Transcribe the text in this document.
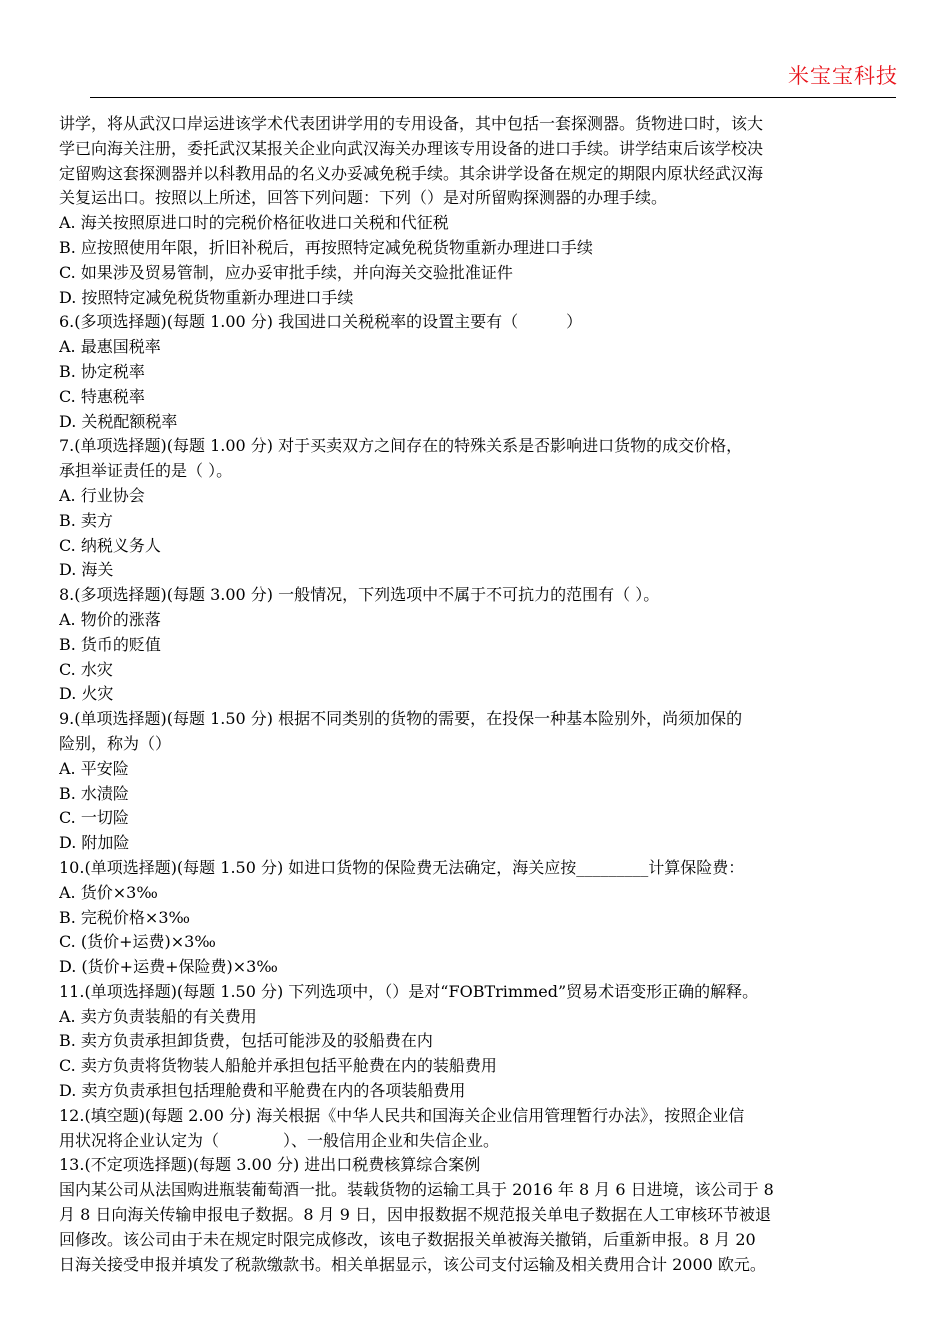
米宝宝科技
讲学，将从武汉口岸运进该学术代表团讲学用的专用设备，其中包括一套探测器。货物进口时，该大
学已向海关注册，委托武汉某报关企业向武汉海关办理该专用设备的进口手续。讲学结束后该学校决
定留购这套探测器并以科教用品的名义办妥减免税手续。其余讲学设备在规定的期限内原状经武汉海
关复运出口。按照以上所述，回答下列问题：下列（）是对所留购探测器的办理手续。
A. 海关按照原进口时的完税价格征收进口关税和代征税
B. 应按照使用年限，折旧补税后，再按照特定减免税货物重新办理进口手续
C. 如果涉及贸易管制，应办妥审批手续，并向海关交验批准证件
D. 按照特定减免税货物重新办理进口手续
6.(多项选择题)(每题 1.00 分) 我国进口关税税率的设置主要有（　　　）
A. 最惠国税率
B. 协定税率
C. 特惠税率
D. 关税配额税率
7.(单项选择题)(每题 1.00 分) 对于买卖双方之间存在的特殊关系是否影响进口货物的成交价格，
承担举证责任的是（ ）。
A. 行业协会
B. 卖方
C. 纳税义务人
D. 海关
8.(多项选择题)(每题 3.00 分) 一般情况，下列选项中不属于不可抗力的范围有（ ）。
A. 物价的涨落
B. 货币的贬值
C. 水灾
D. 火灾
9.(单项选择题)(每题 1.50 分) 根据不同类别的货物的需要，在投保一种基本险别外，尚须加保的
险别，称为（）
A. 平安险
B. 水渍险
C. 一切险
D. 附加险
10.(单项选择题)(每题 1.50 分) 如进口货物的保险费无法确定，海关应按_________计算保险费：
A. 货价×3‰
B. 完税价格×3‰
C. (货价+运费)×3‰
D. (货价+运费+保险费)×3‰
11.(单项选择题)(每题 1.50 分) 下列选项中，（）是对“FOBTrimmed”贸易术语变形正确的解释。
A. 卖方负责装船的有关费用
B. 卖方负责承担卸货费，包括可能涉及的驳船费在内
C. 卖方负责将货物装人船舱并承担包括平舱费在内的装船费用
D. 卖方负责承担包括理舱费和平舱费在内的各项装船费用
12.(填空题)(每题 2.00 分) 海关根据《中华人民共和国海关企业信用管理暂行办法》，按照企业信
用状况将企业认定为（　　　　）、一般信用企业和失信企业。
13.(不定项选择题)(每题 3.00 分) 进出口税费核算综合案例
国内某公司从法国购进瓶装葡萄酒一批。装载货物的运输工具于 2016 年 8 月 6 日进境，该公司于 8
月 8 日向海关传输申报电子数据。8 月 9 日，因申报数据不规范报关单电子数据在人工审核环节被退
回修改。该公司由于未在规定时限完成修改，该电子数据报关单被海关撤销，后重新申报。8 月 20
日海关接受申报并填发了税款缴款书。相关单据显示，该公司支付运输及相关费用合计 2000 欧元。
